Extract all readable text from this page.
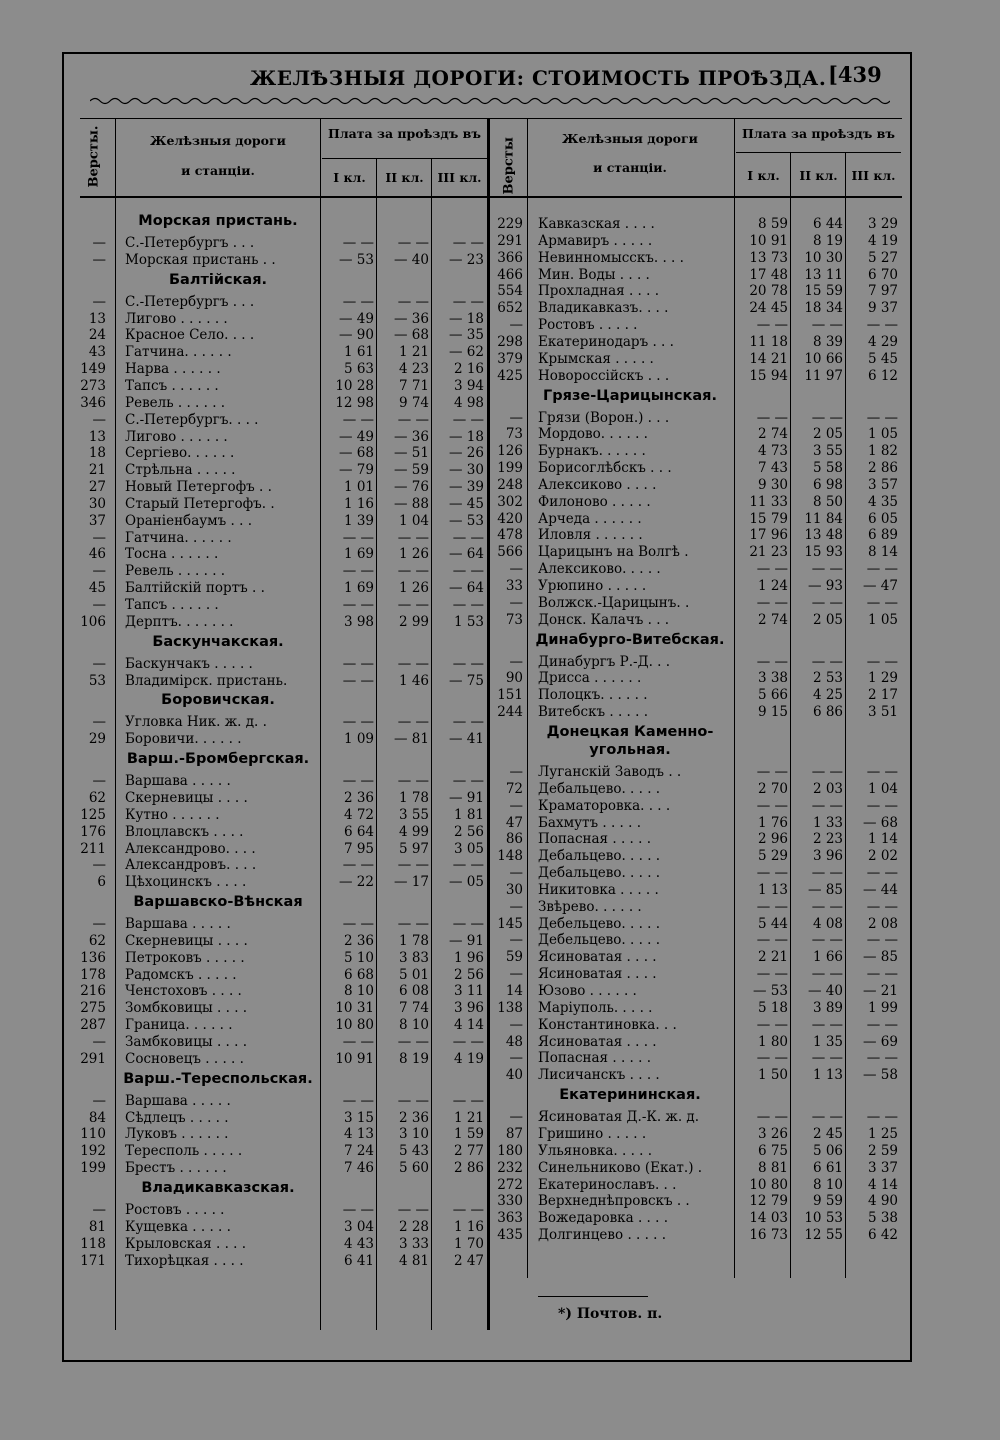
ЖЕЛѢЗНЫЯ ДОРОГИ: СТОИМОСТЬ ПРОѢЗДА. [439
Версты.	Желѣзныя дороги
и станціи.
Плата за проѣздъ въ
I кл.	II кл.	III кл.	Версты	Желѣзныя дороги
и станціи.
Плата за проѣздъ въ
I кл.	II кл.	III кл.
*) Почтов. п.
Морская пристань.
— С.-Петербургъ . . .	— —	— —	— —
— Морская пристань . .	— 53	— 40	— 23
Балтійская.
— С.-Петербургъ . . .	— —	— —	— —
13 Лигово . . . . . .	— 49	— 36	— 18
24 Красное Село. . . .	— 90	— 68	— 35
43 Гатчина. . . . . .	1 61	1 21	— 62
149 Нарва . . . . . .	5 63	4 23	2 16
273 Тапсъ . . . . . .	10 28	7 71	3 94
346 Ревель . . . . . .	12 98	9 74	4 98
— С.-Петербургъ. . . .	— —	— —	— —
13 Лигово . . . . . .	— 49	— 36	— 18
18 Сергіево. . . . . .	— 68	— 51	— 26
21 Стрѣльна . . . . .	— 79	— 59	— 30
27 Новый Петергофъ . .	1 01	— 76	— 39
30 Старый Петергофъ. .	1 16	— 88	— 45
37 Ораніенбаумъ . . .	1 39	1 04	— 53
— Гатчина. . . . . .	— —	— —	— —
46 Тосна . . . . . .	1 69	1 26	— 64
— Ревель . . . . . .	— —	— —	— —
45 Балтійскій портъ . .	1 69	1 26	— 64
— Тапсъ . . . . . .	— —	— —	— —
106 Дерптъ. . . . . . .	3 98	2 99	1 53
Баскунчакская.
— Баскунчакъ . . . . .	— —	— —	— —
53 Владимірск. пристань.	— —	1 46	— 75
Боровичская.
— Угловка Ник. ж. д. .	— —	— —	— —
29 Боровичи. . . . . .	1 09	— 81	— 41
Варш.-Бромбергская.
— Варшава . . . . .	— —	— —	— —
62 Скерневицы . . . .	2 36	1 78	— 91
125 Кутно . . . . . .	4 72	3 55	1 81
176 Влоцлавскъ . . . .	6 64	4 99	2 56
211 Александрово. . . .	7 95	5 97	3 05
— Александровъ. . . .	— —	— —	— —
6 Цѣхоцинскъ . . . .	— 22	— 17	— 05
Варшавско-Вѣнская
— Варшава . . . . .	— —	— —	— —
62 Скерневицы . . . .	2 36	1 78	— 91
136 Петроковъ . . . . .	5 10	3 83	1 96
178 Радомскъ . . . . .	6 68	5 01	2 56
216 Ченстоховъ . . . .	8 10	6 08	3 11
275 Зомбковицы . . . .	10 31	7 74	3 96
287 Граница. . . . . .	10 80	8 10	4 14
— Замбковицы . . . .	— —	— —	— —
291 Сосновецъ . . . . .	10 91	8 19	4 19
Варш.-Тереспольская.
— Варшава . . . . .	— —	— —	— —
84 Сѣдлецъ . . . . .	3 15	2 36	1 21
110 Луковъ . . . . . .	4 13	3 10	1 59
192 Тересполь . . . . .	7 24	5 43	2 77
199 Брестъ . . . . . .	7 46	5 60	2 86
Владикавказская.
— Ростовъ . . . . .	— —	— —	— —
81 Кущевка . . . . .	3 04	2 28	1 16
118 Крыловская . . . .	4 43	3 33	1 70
171 Тихорѣцкая . . . .	6 41	4 81	2 47
229 Кавказская . . . .	8 59	6 44	3 29
291 Армавиръ . . . . .	10 91	8 19	4 19
366 Невинномысскъ. . . .	13 73	10 30	5 27
466 Мин. Воды . . . .	17 48	13 11	6 70
554 Прохладная . . . .	20 78	15 59	7 97
652 Владикавказъ. . . .	24 45	18 34	9 37
— Ростовъ . . . . .	— —	— —	— —
298 Екатеринодаръ . . .	11 18	8 39	4 29
379 Крымская . . . . .	14 21	10 66	5 45
425 Новороссійскъ . . .	15 94	11 97	6 12
Грязе-Царицынская.
— Грязи (Ворон.) . . .	— —	— —	— —
73 Мордово. . . . . .	2 74	2 05	1 05
126 Бурнакъ. . . . . .	4 73	3 55	1 82
199 Борисоглѣбскъ . . .	7 43	5 58	2 86
248 Алексиково . . . .	9 30	6 98	3 57
302 Филоново . . . . .	11 33	8 50	4 35
420 Арчеда . . . . . .	15 79	11 84	6 05
478 Иловля . . . . . .	17 96	13 48	6 89
566 Царицынъ на Волгѣ .	21 23	15 93	8 14
— Алексиково. . . . .	— —	— —	— —
33 Урюпино . . . . .	1 24	— 93	— 47
— Волжск.-Царицынъ. .	— —	— —	— —
73 Донск. Калачъ . . .	2 74	2 05	1 05
Динабурго-Витебская.
— Динабургъ Р.-Д. . .	— —	— —	— —
90 Дрисса . . . . . .	3 38	2 53	1 29
151 Полоцкъ. . . . . .	5 66	4 25	2 17
244 Витебскъ . . . . .	9 15	6 86	3 51
Донецкая Каменно-
угольная.
— Луганскій Заводъ . .	— —	— —	— —
72 Дебальцево. . . . .	2 70	2 03	1 04
— Краматоровка. . . .	— —	— —	— —
47 Бахмутъ . . . . .	1 76	1 33	— 68
86 Попасная . . . . .	2 96	2 23	1 14
148 Дебальцево. . . . .	5 29	3 96	2 02
— Дебальцево. . . . .	— —	— —	— —
30 Никитовка . . . . .	1 13	— 85	— 44
— Звѣрево. . . . . .	— —	— —	— —
145 Дебельцево. . . . .	5 44	4 08	2 08
— Дебельцево. . . . .	— —	— —	— —
59 Ясиноватая . . . .	2 21	1 66	— 85
— Ясиноватая . . . .	— —	— —	— —
14 Юзово . . . . . .	— 53	— 40	— 21
138 Маріуполь. . . . .	5 18	3 89	1 99
— Константиновка. . .	— —	— —	— —
48 Ясиноватая . . . .	1 80	1 35	— 69
— Попасная . . . . .	— —	— —	— —
40 Лисичанскъ . . . .	1 50	1 13	— 58
Екатерининская.
— Ясиноватая Д.-К. ж. д.	— —	— —	— —
87 Гришино . . . . .	3 26	2 45	1 25
180 Ульяновка. . . . .	6 75	5 06	2 59
232 Синельниково (Екат.) .	8 81	6 61	3 37
272 Екатеринославъ. . .	10 80	8 10	4 14
330 Верхнеднѣпровскъ . .	12 79	9 59	4 90
363 Вожедаровка . . . .	14 03	10 53	5 38
435 Долгинцево . . . . .	16 73	12 55	6 42
